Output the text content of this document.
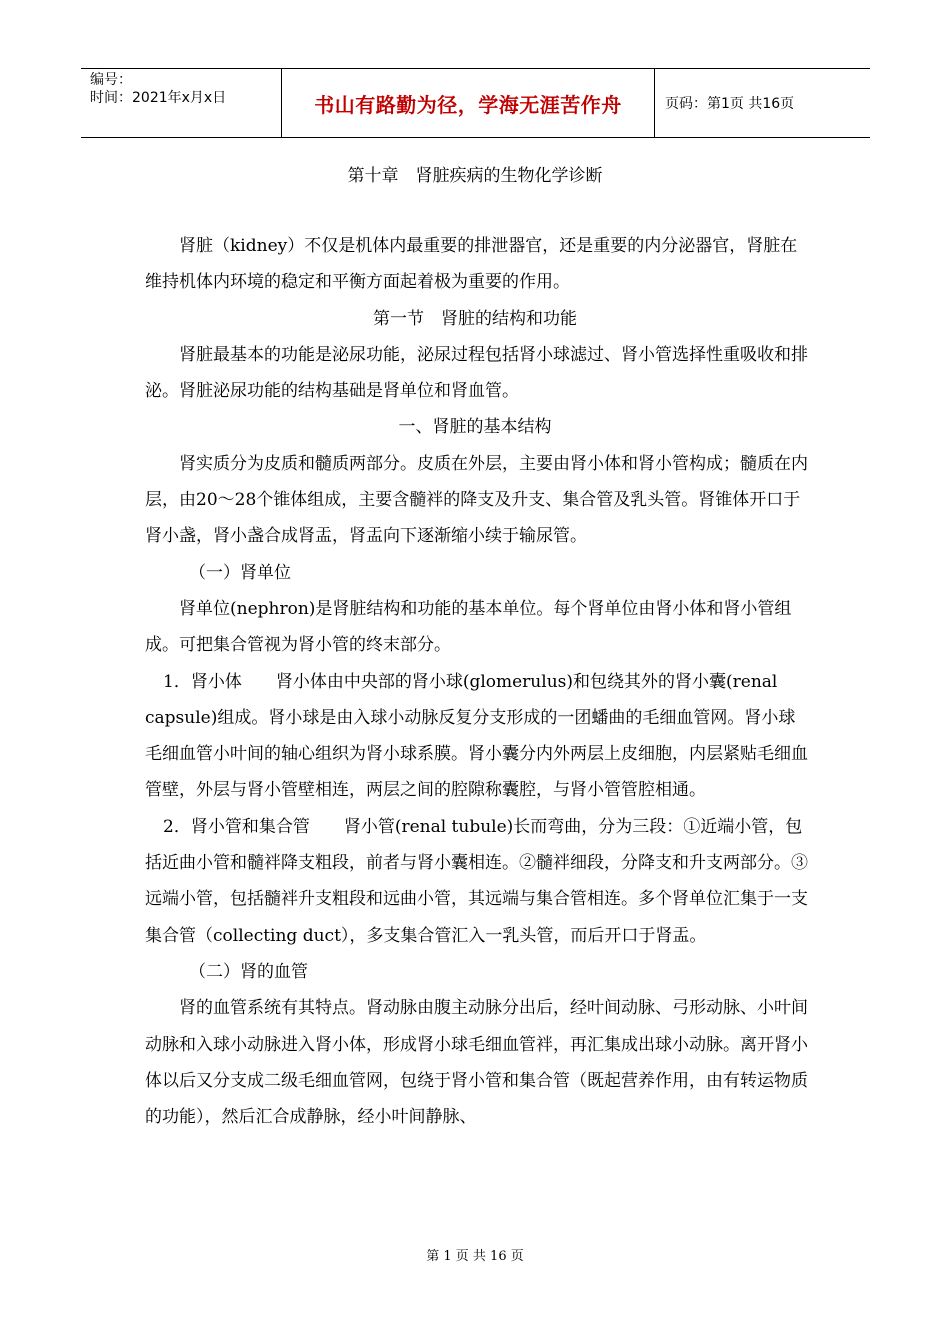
编号：
时间：2021年x月x日	书山有路勤为径，学海无涯苦作舟	页码：第1页 共16页
第十章　肾脏疾病的生物化学诊断

肾脏（kidney）不仅是机体内最重要的排泄器官，还是重要的内分泌器官，肾脏在维持机体内环境的稳定和平衡方面起着极为重要的作用。

第一节　肾脏的结构和功能

肾脏最基本的功能是泌尿功能，泌尿过程包括肾小球滤过、肾小管选择性重吸收和排泌。肾脏泌尿功能的结构基础是肾单位和肾血管。

一、肾脏的基本结构

肾实质分为皮质和髓质两部分。皮质在外层，主要由肾小体和肾小管构成；髓质在内层，由20～28个锥体组成，主要含髓袢的降支及升支、集合管及乳头管。肾锥体开口于肾小盏，肾小盏合成肾盂，肾盂向下逐渐缩小续于输尿管。

（一）肾单位

肾单位(nephron)是肾脏结构和功能的基本单位。每个肾单位由肾小体和肾小管组成。可把集合管视为肾小管的终末部分。

1．肾小体　　肾小体由中央部的肾小球(glomerulus)和包绕其外的肾小囊(renal capsule)组成。肾小球是由入球小动脉反复分支形成的一团蟠曲的毛细血管网。肾小球毛细血管小叶间的轴心组织为肾小球系膜。肾小囊分内外两层上皮细胞，内层紧贴毛细血管壁，外层与肾小管壁相连，两层之间的腔隙称囊腔，与肾小管管腔相通。

2．肾小管和集合管　　肾小管(renal tubule)长而弯曲，分为三段：①近端小管，包括近曲小管和髓袢降支粗段，前者与肾小囊相连。②髓袢细段，分降支和升支两部分。③远端小管，包括髓袢升支粗段和远曲小管，其远端与集合管相连。多个肾单位汇集于一支集合管（collecting duct），多支集合管汇入一乳头管，而后开口于肾盂。

（二）肾的血管

肾的血管系统有其特点。肾动脉由腹主动脉分出后，经叶间动脉、弓形动脉、小叶间动脉和入球小动脉进入肾小体，形成肾小球毛细血管袢，再汇集成出球小动脉。离开肾小体以后又分支成二级毛细血管网，包绕于肾小管和集合管（既起营养作用，由有转运物质的功能），然后汇合成静脉，经小叶间静脉、

第 1 页 共 16 页
